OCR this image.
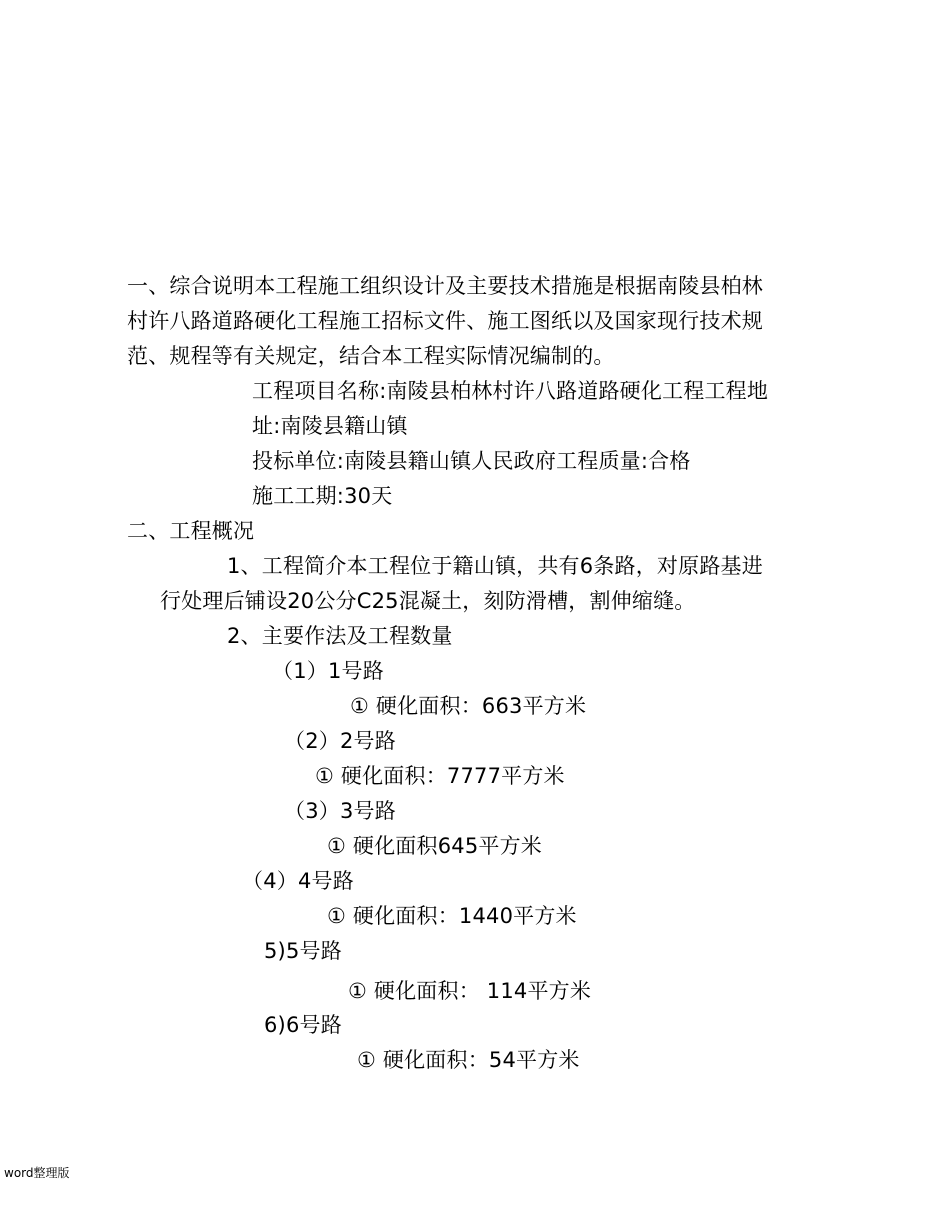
一、综合说明本工程施工组织设计及主要技术措施是根据南陵县柏林
村许八路道路硬化工程施工招标文件、施工图纸以及国家现行技术规
范、规程等有关规定，结合本工程实际情况编制的。
工程项目名称:南陵县柏林村许八路道路硬化工程工程地
址:南陵县籍山镇
投标单位:南陵县籍山镇人民政府工程质量:合格
施工工期:30天
二、工程概况
1、工程简介本工程位于籍山镇，共有6条路，对原路基进
行处理后铺设20公分C25混凝土，刻防滑槽，割伸缩缝。
2、主要作法及工程数量
（1）1号路
① 硬化面积：663平方米
（2）2号路
① 硬化面积：7777平方米
（3）3号路
① 硬化面积645平方米
（4）4号路
① 硬化面积：1440平方米
5)5号路
① 硬化面积： 114平方米
6)6号路
① 硬化面积：54平方米
word整理版
